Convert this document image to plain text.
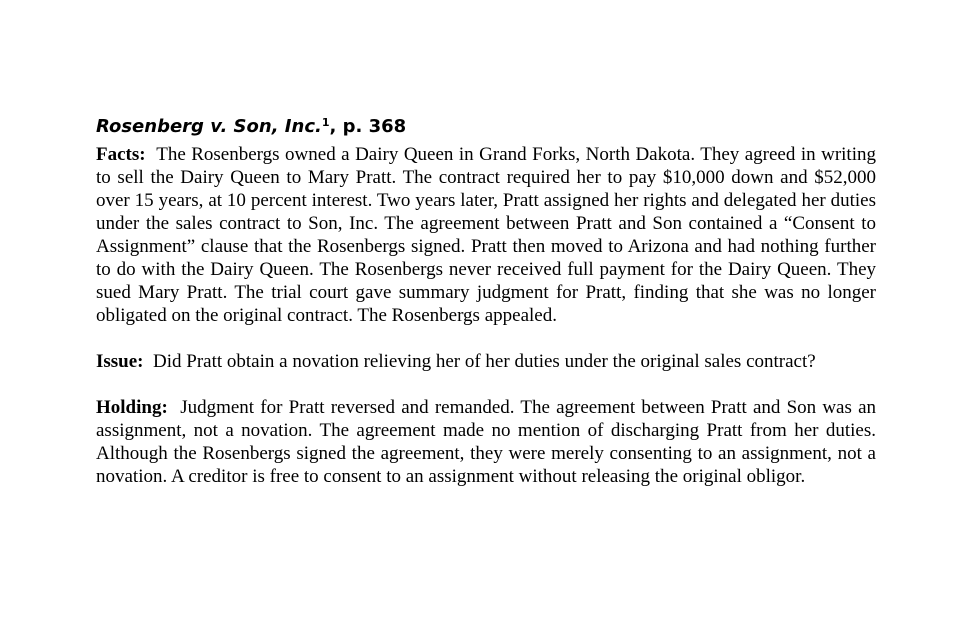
Rosenberg v. Son, Inc.$^1$, p. 368

Facts: The Rosenbergs owned a Dairy Queen in Grand Forks, North Dakota. They agreed in writing to sell the Dairy Queen to Mary Pratt. The contract required her to pay $10,000 down and $52,000 over 15 years, at 10 percent interest. Two years later, Pratt assigned her rights and delegated her duties under the sales contract to Son, Inc. The agreement between Pratt and Son contained a “Consent to Assignment” clause that the Rosenbergs signed. Pratt then moved to Arizona and had nothing further to do with the Dairy Queen. The Rosenbergs never received full payment for the Dairy Queen. They sued Mary Pratt. The trial court gave summary judgment for Pratt, finding that she was no longer obligated on the original contract. The Rosenbergs appealed.

Issue: Did Pratt obtain a novation relieving her of her duties under the original sales contract?

Holding: Judgment for Pratt reversed and remanded. The agreement between Pratt and Son was an assignment, not a novation. The agreement made no mention of discharging Pratt from her duties. Although the Rosenbergs signed the agreement, they were merely consenting to an assignment, not a novation. A creditor is free to consent to an assignment without releasing the original obligor.
